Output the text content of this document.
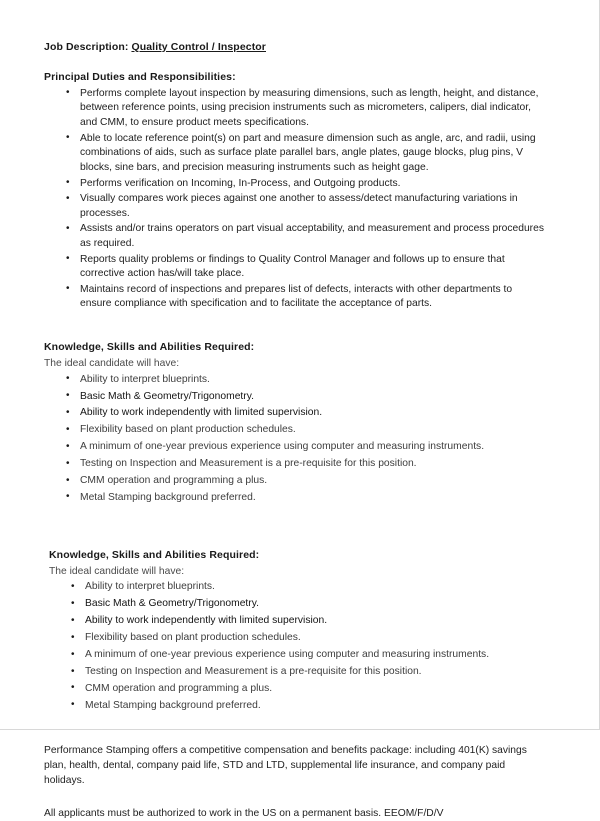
Job Description: Quality Control / Inspector
Principal Duties and Responsibilities:
• Performs complete layout inspection by measuring dimensions, such as length, height, and distance, between reference points, using precision instruments such as micrometers, calipers, dial indicator, and CMM, to ensure product meets specifications.
• Able to locate reference point(s) on part and measure dimension such as angle, arc, and radii, using combinations of aids, such as surface plate parallel bars, angle plates, gauge blocks, plug pins, V blocks, sine bars, and precision measuring instruments such as height gage.
• Performs verification on Incoming, In-Process, and Outgoing products.
• Visually compares work pieces against one another to assess/detect manufacturing variations in processes.
• Assists and/or trains operators on part visual acceptability, and measurement and process procedures as required.
• Reports quality problems or findings to Quality Control Manager and follows up to ensure that corrective action has/will take place.
• Maintains record of inspections and prepares list of defects, interacts with other departments to ensure compliance with specification and to facilitate the acceptance of parts.
Knowledge, Skills and Abilities Required:

The ideal candidate will have:

• Ability to interpret blueprints.
• Basic Math & Geometry/Trigonometry.
• Ability to work independently with limited supervision.
• Flexibility based on plant production schedules.
• A minimum of one-year previous experience using computer and measuring instruments.
• Testing on Inspection and Measurement is a pre-requisite for this position.
• CMM operation and programming a plus.
• Metal Stamping background preferred.
Knowledge, Skills and Abilities Required:

The ideal candidate will have:

• Ability to interpret blueprints.
• Basic Math & Geometry/Trigonometry.
• Ability to work independently with limited supervision.
• Flexibility based on plant production schedules.
• A minimum of one-year previous experience using computer and measuring instruments.
• Testing on Inspection and Measurement is a pre-requisite for this position.
• CMM operation and programming a plus.
• Metal Stamping background preferred.

Performance Stamping offers a competitive compensation and benefits package: including 401(K) savings plan, health, dental, company paid life, STD and LTD, supplemental life insurance, and company paid holidays.

All applicants must be authorized to work in the US on a permanent basis. EEOM/F/D/V
